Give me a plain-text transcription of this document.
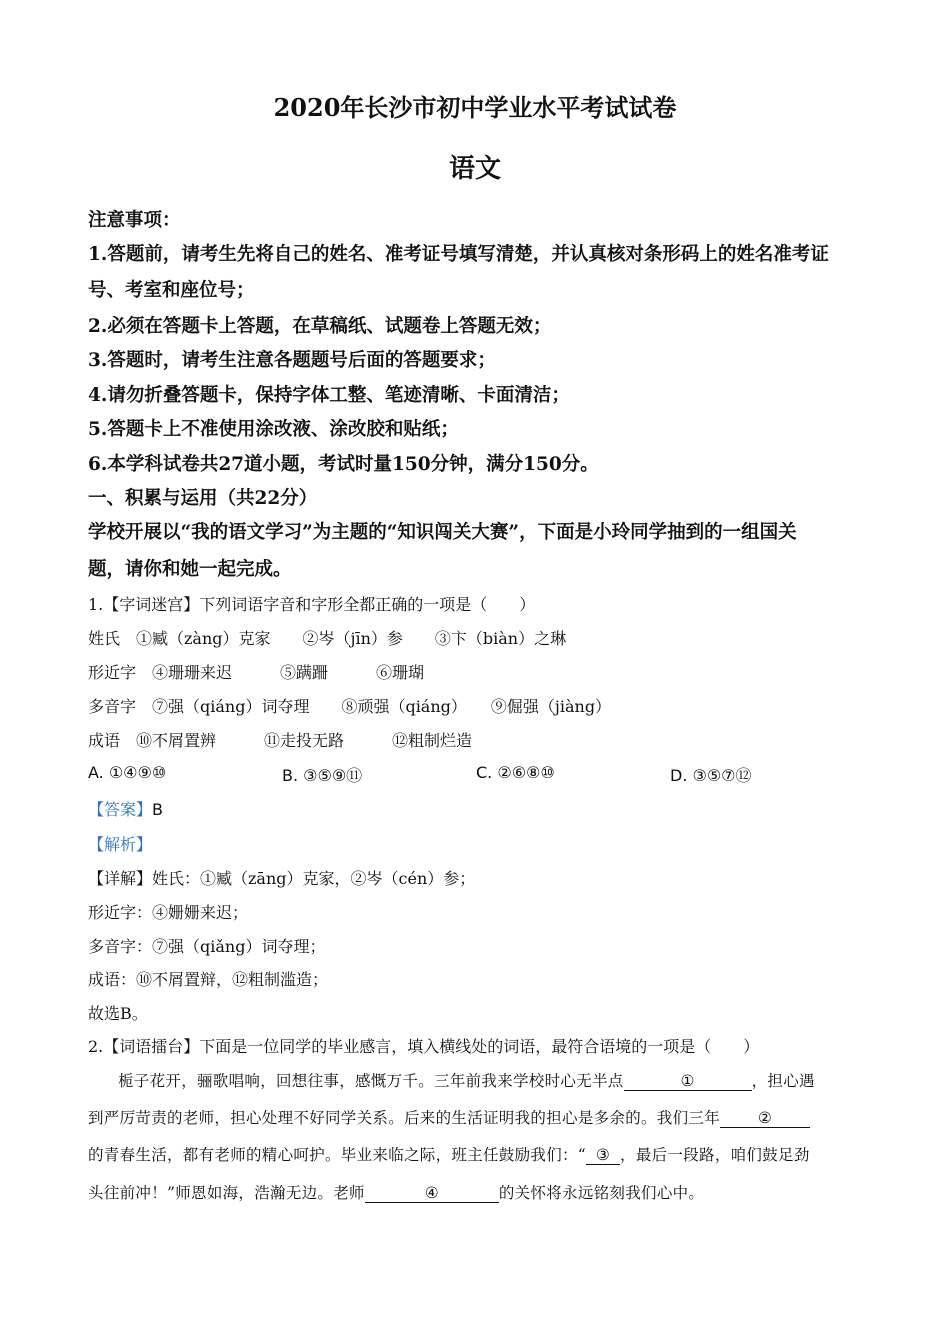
2020年长沙市初中学业水平考试试卷
语文
注意事项：
1.答题前，请考生先将自己的姓名、准考证号填写清楚，并认真核对条形码上的姓名准考证
号、考室和座位号；
2.必须在答题卡上答题，在草稿纸、试题卷上答题无效；
3.答题时，请考生注意各题题号后面的答题要求；
4.请勿折叠答题卡，保持字体工整、笔迹清晰、卡面清洁；
5.答题卡上不准使用涂改液、涂改胶和贴纸；
6.本学科试卷共27道小题，考试时量150分钟，满分150分。
一、积累与运用（共22分）
学校开展以“我的语文学习”为主题的“知识闯关大赛”，下面是小玲同学抽到的一组国关
题，请你和她一起完成。
1.【字词迷宫】下列词语字音和字形全都正确的一项是（　　）
姓氏　①臧（zàng）克家　　②岑（jīn）参　　③卞（biàn）之琳
形近字　④珊珊来迟　　　⑤蹒跚　　　⑥珊瑚
多音字　⑦强（qiáng）词夺理　　⑧顽强（qiáng）　　⑨倔强（jiàng）
成语　⑩不屑置辨　　　⑪走投无路　　　⑫粗制烂造
A. ①④⑨⑩	B. ③⑤⑨⑪	C. ②⑥⑧⑩	D. ③⑤⑦⑫
【答案】B
【解析】
【详解】姓氏：①臧（zāng）克家，②岑（cén）参；
形近字：④姗姗来迟；
多音字：⑦强（qiǎng）词夺理；
成语：⑩不屑置辩，⑫粗制滥造；
故选B。
2.【词语擂台】下面是一位同学的毕业感言，填入横线处的词语，最符合语境的一项是（　　）
栀子花开，骊歌唱响，回想往事，感慨万千。三年前我来学校时心无半点	①	，担心遇
到严厉苛责的老师，担心处理不好同学关系。后来的生活证明我的担心是多余的。我们三年 ②
的青春生活，都有老师的精心呵护。毕业来临之际，班主任鼓励我们：“ ③ ，最后一段路，咱们鼓足劲
头往前冲！”师恩如海，浩瀚无边。老师	④	的关怀将永远铭刻我们心中。
